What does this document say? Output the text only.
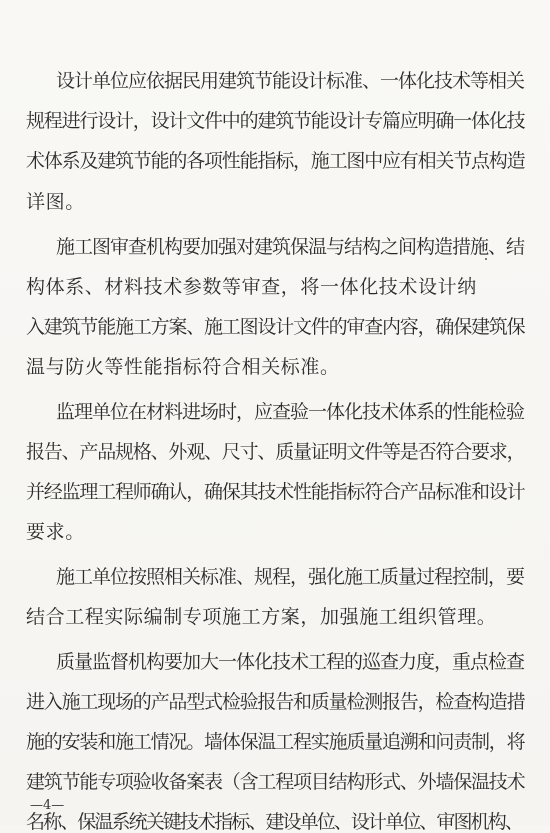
设计单位应依据民用建筑节能设计标准、一体化技术等相关
规程进行设计，设计文件中的建筑节能设计专篇应明确一体化技
术体系及建筑节能的各项性能指标，施工图中应有相关节点构造
详图。
施工图审查机构要加强对建筑保温与结构之间构造措施、结
构体系、材料技术参数等审查，将一体化技术设计纳
入建筑节能施工方案、施工图设计文件的审查内容，确保建筑保
温与防火等性能指标符合相关标准。
监理单位在材料进场时，应查验一体化技术体系的性能检验
报告、产品规格、外观、尺寸、质量证明文件等是否符合要求，
并经监理工程师确认，确保其技术性能指标符合产品标准和设计
要求。
施工单位按照相关标准、规程，强化施工质量过程控制，要
结合工程实际编制专项施工方案，加强施工组织管理。
质量监督机构要加大一体化技术工程的巡查力度，重点检查
进入施工现场的产品型式检验报告和质量检测报告，检查构造措
施的安装和施工情况。墙体保温工程实施质量追溯和问责制，将
建筑节能专项验收备案表（含工程项目结构形式、外墙保温技术
名称、保温系统关键技术指标、建设单位、设计单位、审图机构、
—4—
